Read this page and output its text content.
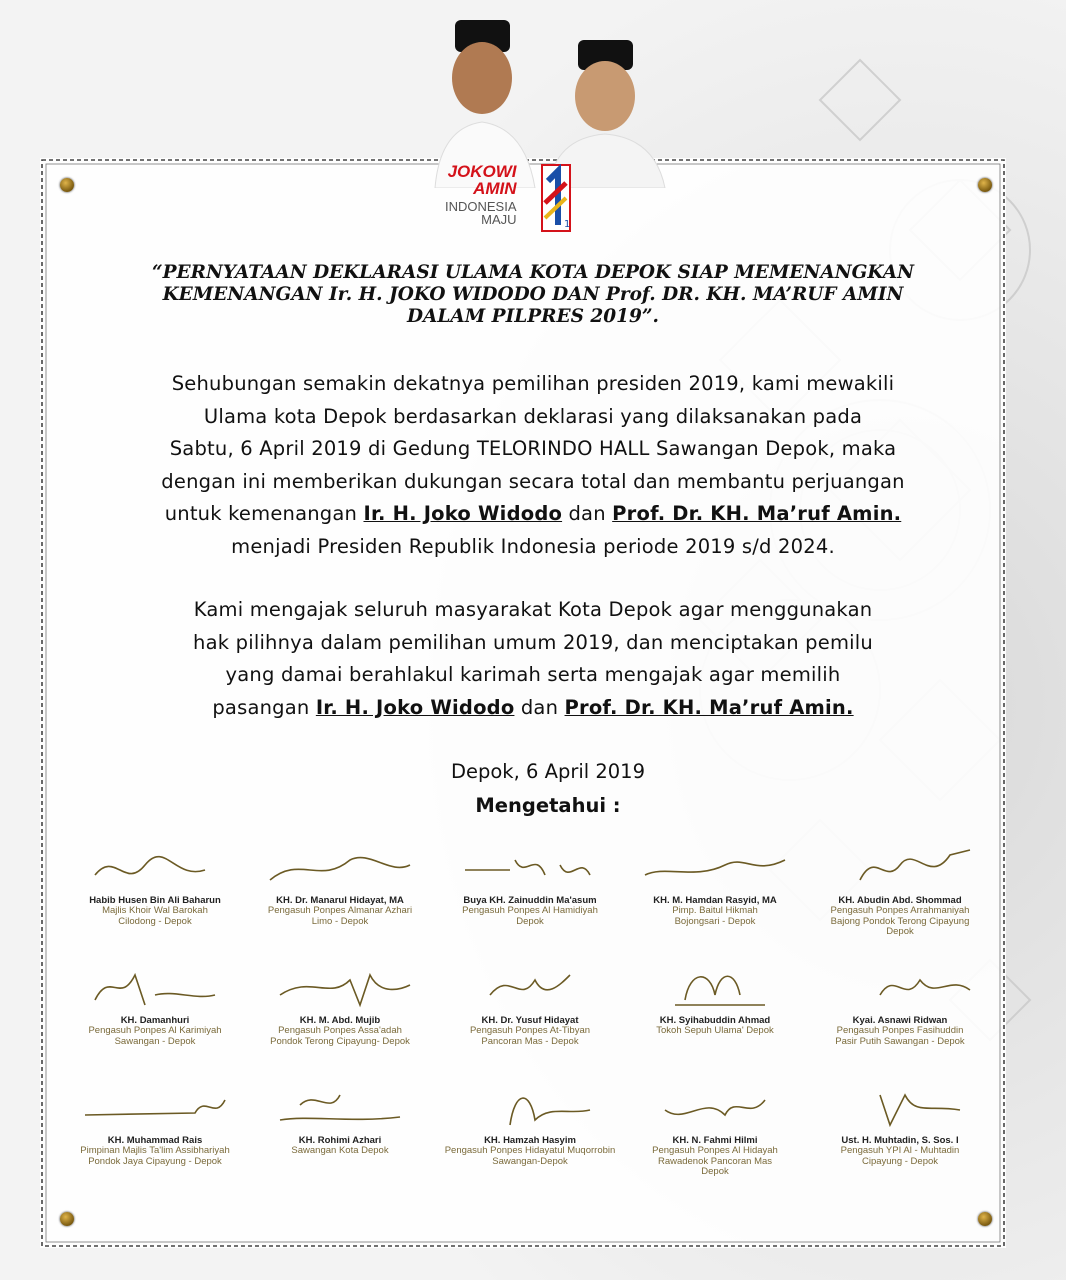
JOKOWI
AMIN
INDONESIA
MAJU	1
“PERNYATAAN DEKLARASI ULAMA KOTA DEPOK SIAP MEMENANGKAN
KEMENANGAN Ir. H. JOKO WIDODO DAN Prof. DR. KH. MA’RUF AMIN
DALAM PILPRES 2019”.
Sehubungan semakin dekatnya pemilihan presiden 2019, kami mewakili
Ulama kota Depok berdasarkan deklarasi yang dilaksanakan pada
Sabtu, 6 April 2019 di Gedung TELORINDO HALL Sawangan Depok, maka
dengan ini memberikan dukungan secara total dan membantu perjuangan
untuk kemenangan Ir. H. Joko Widodo dan Prof. Dr. KH. Ma’ruf Amin.
menjadi Presiden Republik Indonesia periode 2019 s/d 2024.
Kami mengajak seluruh masyarakat Kota Depok agar menggunakan
hak pilihnya dalam pemilihan umum 2019, dan menciptakan pemilu
yang damai berahlakul karimah serta mengajak agar memilih
pasangan Ir. H. Joko Widodo dan Prof. Dr. KH. Ma’ruf Amin.
Depok, 6 April 2019
Mengetahui :
Habib Husen Bin Ali Baharun
Majlis Khoir Wal Barokah
Cilodong - Depok
KH. Dr. Manarul Hidayat, MA
Pengasuh Ponpes Almanar Azhari
Limo - Depok
Buya KH. Zainuddin Ma'asum
Pengasuh Ponpes Al Hamidiyah
Depok
KH. M. Hamdan Rasyid, MA
Pimp. Baitul Hikmah
Bojongsari - Depok
KH. Abudin Abd. Shommad
Pengasuh Ponpes Arrahmaniyah
Bajong Pondok Terong Cipayung
Depok
KH. Damanhuri
Pengasuh Ponpes Al Karimiyah
Sawangan - Depok
KH. M. Abd. Mujib
Pengasuh Ponpes Assa'adah
Pondok Terong Cipayung- Depok
KH. Dr. Yusuf Hidayat
Pengasuh Ponpes At-Tibyan
Pancoran Mas - Depok
KH. Syihabuddin Ahmad
Tokoh Sepuh Ulama' Depok
Kyai. Asnawi Ridwan
Pengasuh Ponpes Fasihuddin
Pasir Putih Sawangan - Depok
KH. Muhammad Rais
Pimpinan Majlis Ta'lim Assibhariyah
Pondok Jaya Cipayung - Depok
KH. Rohimi Azhari
Sawangan Kota Depok
KH. Hamzah Hasyim
Pengasuh Ponpes Hidayatul Muqorrobin
Sawangan-Depok
KH. N. Fahmi Hilmi
Pengasuh Ponpes Al Hidayah
Rawadenok Pancoran Mas
Depok
Ust. H. Muhtadin, S. Sos. I
Pengasuh YPI Al - Muhtadin
Cipayung - Depok
